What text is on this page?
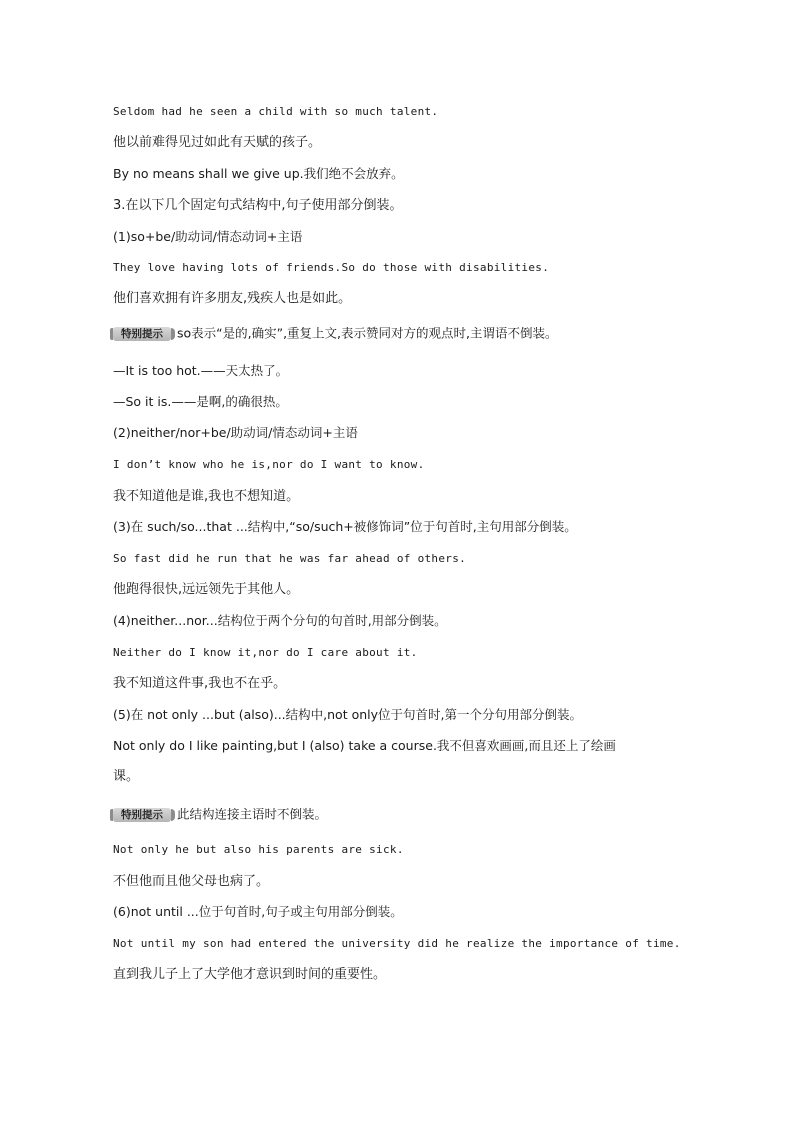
Seldom had he seen a child with so much talent.
他以前难得见过如此有天赋的孩子。
By no means shall we give up.我们绝不会放弃。
3.在以下几个固定句式结构中,句子使用部分倒装。
(1)so+be/助动词/情态动词+主语
They love having lots of friends.So do those with disabilities.
他们喜欢拥有许多朋友,残疾人也是如此。
特别提示 so表示“是的,确实”,重复上文,表示赞同对方的观点时,主谓语不倒装。
—It is too hot.——天太热了。
—So it is.——是啊,的确很热。
(2)neither/nor+be/助动词/情态动词+主语
I don’t know who he is,nor do I want to know.
我不知道他是谁,我也不想知道。
(3)在 such/so...that ...结构中,“so/such+被修饰词”位于句首时,主句用部分倒装。
So fast did he run that he was far ahead of others.
他跑得很快,远远领先于其他人。
(4)neither...nor...结构位于两个分句的句首时,用部分倒装。
Neither do I know it,nor do I care about it.
我不知道这件事,我也不在乎。
(5)在 not only ...but (also)...结构中,not only位于句首时,第一个分句用部分倒装。
Not only do I like painting,but I (also) take a course.我不但喜欢画画,而且还上了绘画
课。
特别提示 此结构连接主语时不倒装。
Not only he but also his parents are sick.
不但他而且他父母也病了。
(6)not until ...位于句首时,句子或主句用部分倒装。
Not until my son had entered the university did he realize the importance of time.
直到我儿子上了大学他才意识到时间的重要性。
